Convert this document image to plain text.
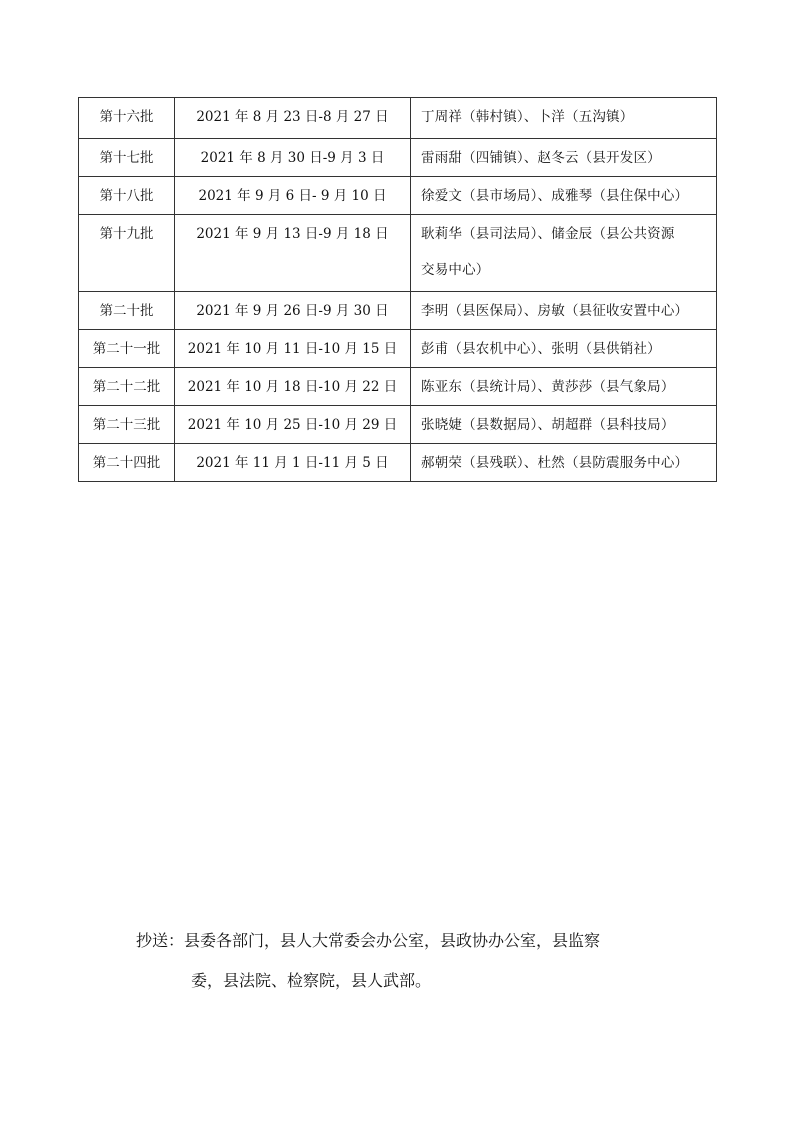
第十六批	2021 年 8 月 23 日-8 月 27 日	丁周祥（韩村镇）、卜洋（五沟镇）

第十七批	2021 年 8 月 30 日-9 月 3 日	雷雨甜（四铺镇）、赵冬云（县开发区）

第十八批	2021 年 9 月 6 日- 9 月 10 日	徐爱文（县市场局）、成雅琴（县住保中心）

第十九批	2021 年 9 月 13 日-9 月 18 日	耿莉华（县司法局）、储金辰（县公共资源
交易中心）

第二十批	2021 年 9 月 26 日-9 月 30 日	李明（县医保局）、房敏（县征收安置中心）

第二十一批	2021 年 10 月 11 日-10 月 15 日	彭甫（县农机中心）、张明（县供销社）

第二十二批	2021 年 10 月 18 日-10 月 22 日	陈亚东（县统计局）、黄莎莎（县气象局）

第二十三批	2021 年 10 月 25 日-10 月 29 日	张晓婕（县数据局）、胡超群（县科技局）

第二十四批	2021 年 11 月 1 日-11 月 5 日	郝朝荣（县残联）、杜然（县防震服务中心）
抄送：县委各部门，县人大常委会办公室，县政协办公室，县监察
委，县法院、检察院，县人武部。
